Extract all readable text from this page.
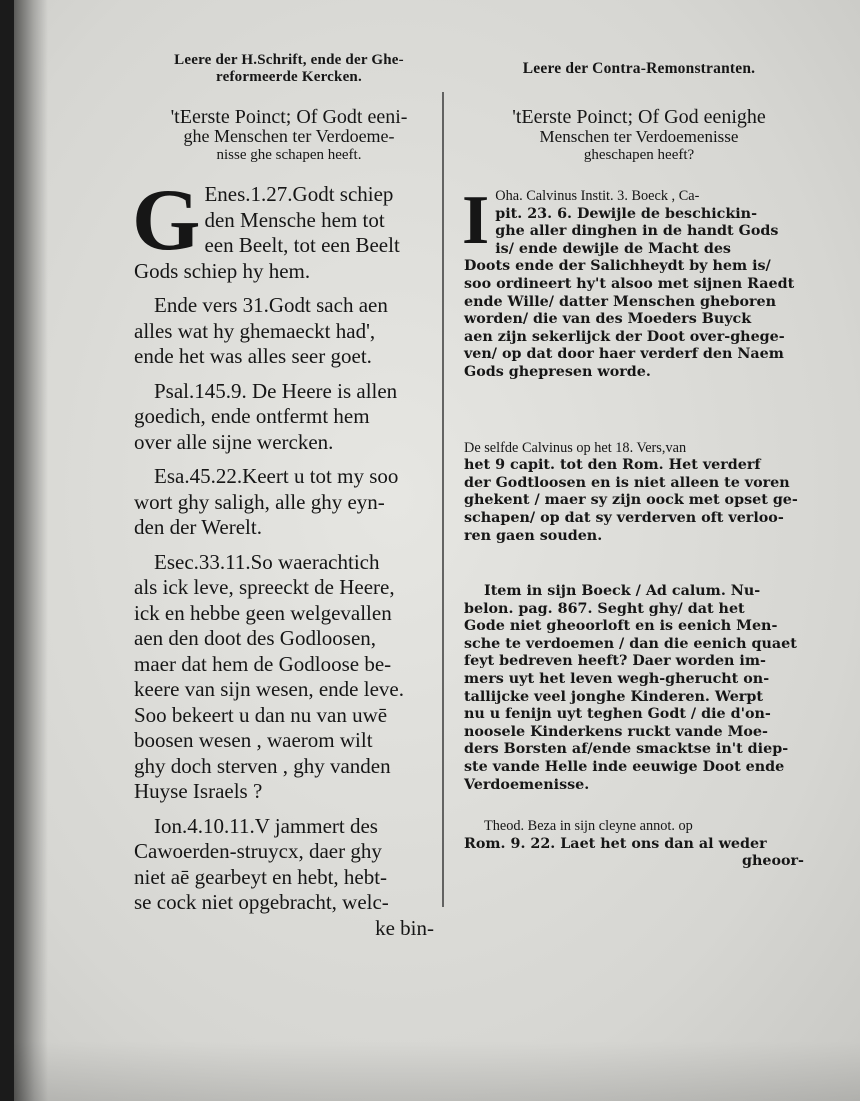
Leere der H.Schrift, ende der Ghe-
reformeerde Kercken.
'tEerste Poinct; Of Godt eeni-
ghe Menschen ter Verdoeme-
nisse ghe schapen heeft.

G Enes.1.27.Godt schiep
den Mensche hem tot
een Beelt, tot een Beelt
Gods schiep hy hem.

Ende vers 31.Godt sach aen
alles wat hy ghemaeckt had',
ende het was alles seer goet.

Psal.145.9. De Heere is allen
goedich, ende ontfermt hem
over alle sijne wercken.

Esa.45.22.Keert u tot my soo
wort ghy saligh, alle ghy eyn-
den der Werelt.

Esec.33.11.So waerachtich
als ick leve, spreeckt de Heere,
ick en hebbe geen welgevallen
aen den doot des Godloosen,
maer dat hem de Godloose be-
keere van sijn wesen, ende leve.
Soo bekeert u dan nu van uwē
boosen wesen , waerom wilt
ghy doch sterven , ghy vanden
Huyse Israels ?

Ion.4.10.11.V jammert des
Cawoerden-struycx, daer ghy
niet aē gearbeyt en hebt, hebt-
se cock niet opgebracht, welc-
ke bin-

Leere der Contra-Remonstranten.
'tEerste Poinct; Of God eenighe
Menschen ter Verdoemenisse
gheschapen heeft?
I Oha. Calvinus Instit. 3. Boeck , Ca-

pit. 23. 6. Dewijle de beschickin-

ghe aller dinghen in de handt Gods

is/ ende dewijle de Macht des

Doots ende der Salichheydt by hem is/

soo ordineert hy't alsoo met sijnen Raedt

ende Wille/ datter Menschen gheboren

worden/ die van des Moeders Buyck

aen zijn sekerlijck der Doot over-ghege-

ven/ op dat door haer verderf den Naem

Gods ghepresen worde.

De selfde Calvinus op het 18. Vers,van

het 9 capit. tot den Rom. Het verderf

der Godtloosen en is niet alleen te voren

ghekent / maer sy zijn oock met opset ge-

schapen/ op dat sy verderven oft verloo-

ren gaen souden.

Item in sijn Boeck / Ad calum. Nu-

belon. pag. 867. Seght ghy/ dat het

Gode niet gheoorloft en is eenich Men-

sche te verdoemen / dan die eenich quaet

feyt bedreven heeft? Daer worden im-

mers uyt het leven wegh-gherucht on-

tallijcke veel jonghe Kinderen. Werpt

nu u fenijn uyt teghen Godt / die d'on-

noosele Kinderkens ruckt vande Moe-

ders Borsten af/ende smacktse in't diep-

ste vande Helle inde eeuwige Doot ende

Verdoemenisse.

Theod. Beza in sijn cleyne annot. op

Rom. 9. 22. Laet het ons dan al weder

gheoor-
